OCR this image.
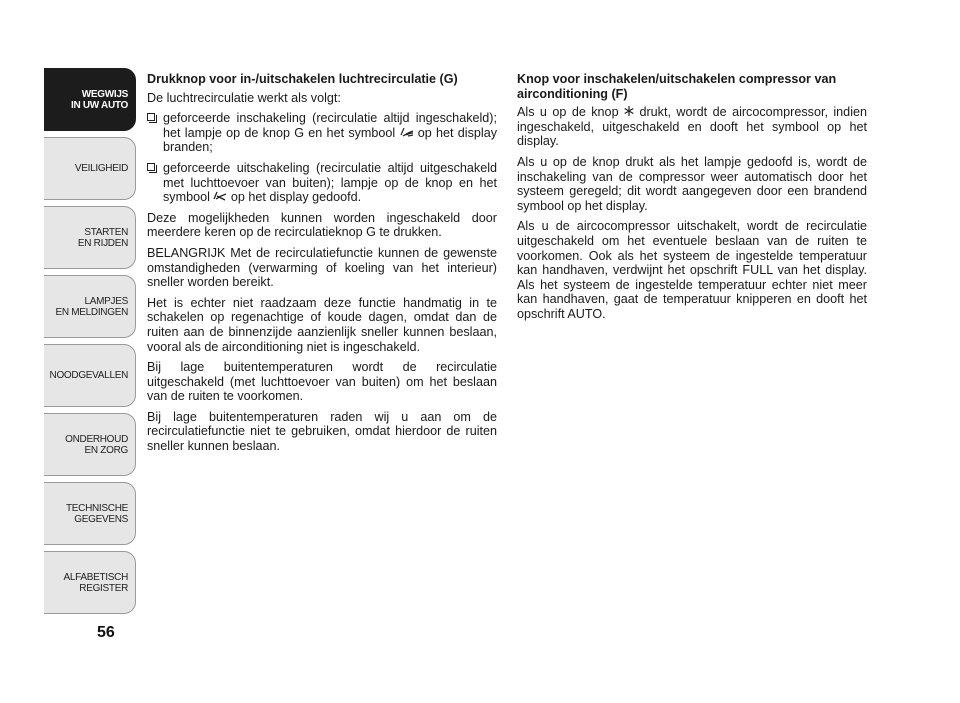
WEGWIJS
IN UW AUTO
VEILIGHEID
STARTEN
EN RIJDEN
LAMPJES
EN MELDINGEN
NOODGEVALLEN
ONDERHOUD
EN ZORG
TECHNISCHE
GEGEVENS
ALFABETISCH
REGISTER
56

Drukknop voor in-/uitschakelen luchtrecirculatie (G)

De luchtrecirculatie werkt als volgt:

geforceerde inschakeling (recirculatie altijd ingeschakeld); het lampje op de knop G en het symbool op het display branden;
geforceerde uitschakeling (recirculatie altijd uitgeschakeld met luchttoevoer van buiten); lampje op de knop en het symbool op het display gedoofd.

Deze mogelijkheden kunnen worden ingeschakeld door meerdere keren op de recirculatieknop G te drukken.

BELANGRIJK Met de recirculatiefunctie kunnen de gewenste omstandigheden (verwarming of koeling van het interieur) sneller worden bereikt.

Het is echter niet raadzaam deze functie handmatig in te schakelen op regenachtige of koude dagen, omdat dan de ruiten aan de binnenzijde aanzienlijk sneller kunnen beslaan, vooral als de airconditioning niet is ingeschakeld.

Bij lage buitentemperaturen wordt de recirculatie uitgeschakeld (met luchttoevoer van buiten) om het beslaan van de ruiten te voorkomen.

Bij lage buitentemperaturen raden wij u aan om de recirculatiefunctie niet te gebruiken, omdat hierdoor de ruiten sneller kunnen beslaan.

Knop voor inschakelen/uitschakelen compressor van airconditioning (F)

Als u op de knop drukt, wordt de aircocompressor, indien ingeschakeld, uitgeschakeld en dooft het symbool op het display.

Als u op de knop drukt als het lampje gedoofd is, wordt de inschakeling van de compressor weer automatisch door het systeem geregeld; dit wordt aangegeven door een brandend symbool op het display.

Als u de aircocompressor uitschakelt, wordt de recirculatie uitgeschakeld om het eventuele beslaan van de ruiten te voorkomen. Ook als het systeem de ingestelde temperatuur kan handhaven, verdwijnt het opschrift FULL van het display. Als het systeem de ingestelde temperatuur echter niet meer kan handhaven, gaat de temperatuur knipperen en dooft het opschrift AUTO.
